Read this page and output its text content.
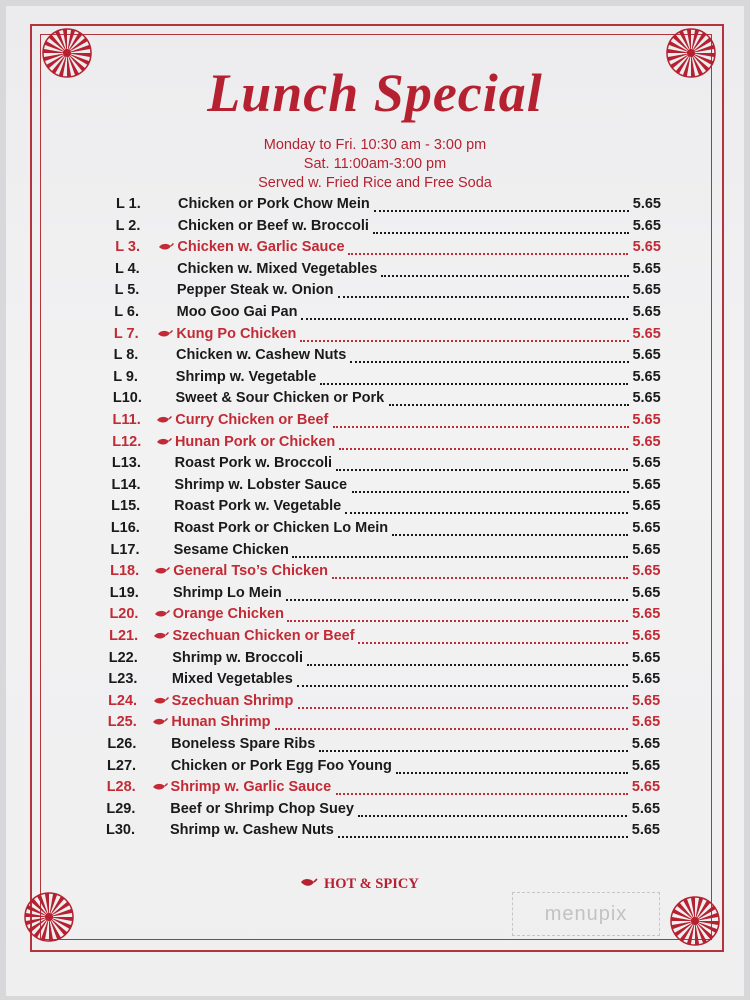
Lunch Special
Monday to Fri. 10:30 am - 3:00 pm
Sat. 11:00am-3:00 pm
Served w. Fried Rice and Free Soda
L 1.	Chicken or Pork Chow Mein	5.65
L 2.	Chicken or Beef w. Broccoli	5.65
L 3.	Chicken w. Garlic Sauce	5.65
L 4.	Chicken w. Mixed Vegetables	5.65
L 5.	Pepper Steak w. Onion	5.65
L 6.	Moo Goo Gai Pan	5.65
L 7.	Kung Po Chicken	5.65
L 8.	Chicken w. Cashew Nuts	5.65
L 9.	Shrimp w. Vegetable	5.65
L10. Sweet & Sour Chicken or Pork	5.65
L11. Curry Chicken or Beef	5.65
L12. Hunan Pork or Chicken	5.65
L13. Roast Pork w. Broccoli	5.65
L14. Shrimp w. Lobster Sauce	5.65
L15. Roast Pork w. Vegetable	5.65
L16. Roast Pork or Chicken Lo Mein	5.65
L17. Sesame Chicken	5.65
L18. General Tso’s Chicken	5.65
L19. Shrimp Lo Mein	5.65
L20. Orange Chicken	5.65
L21. Szechuan Chicken or Beef	5.65
L22. Shrimp w. Broccoli	5.65
L23. Mixed Vegetables	5.65
L24. Szechuan Shrimp	5.65
L25. Hunan Shrimp	5.65
L26. Boneless Spare Ribs	5.65
L27. Chicken or Pork Egg Foo Young	5.65
L28. Shrimp w. Garlic Sauce	5.65
L29. Beef or Shrimp Chop Suey	5.65
L30. Shrimp w. Cashew Nuts	5.65
HOT & SPICY
menupix
